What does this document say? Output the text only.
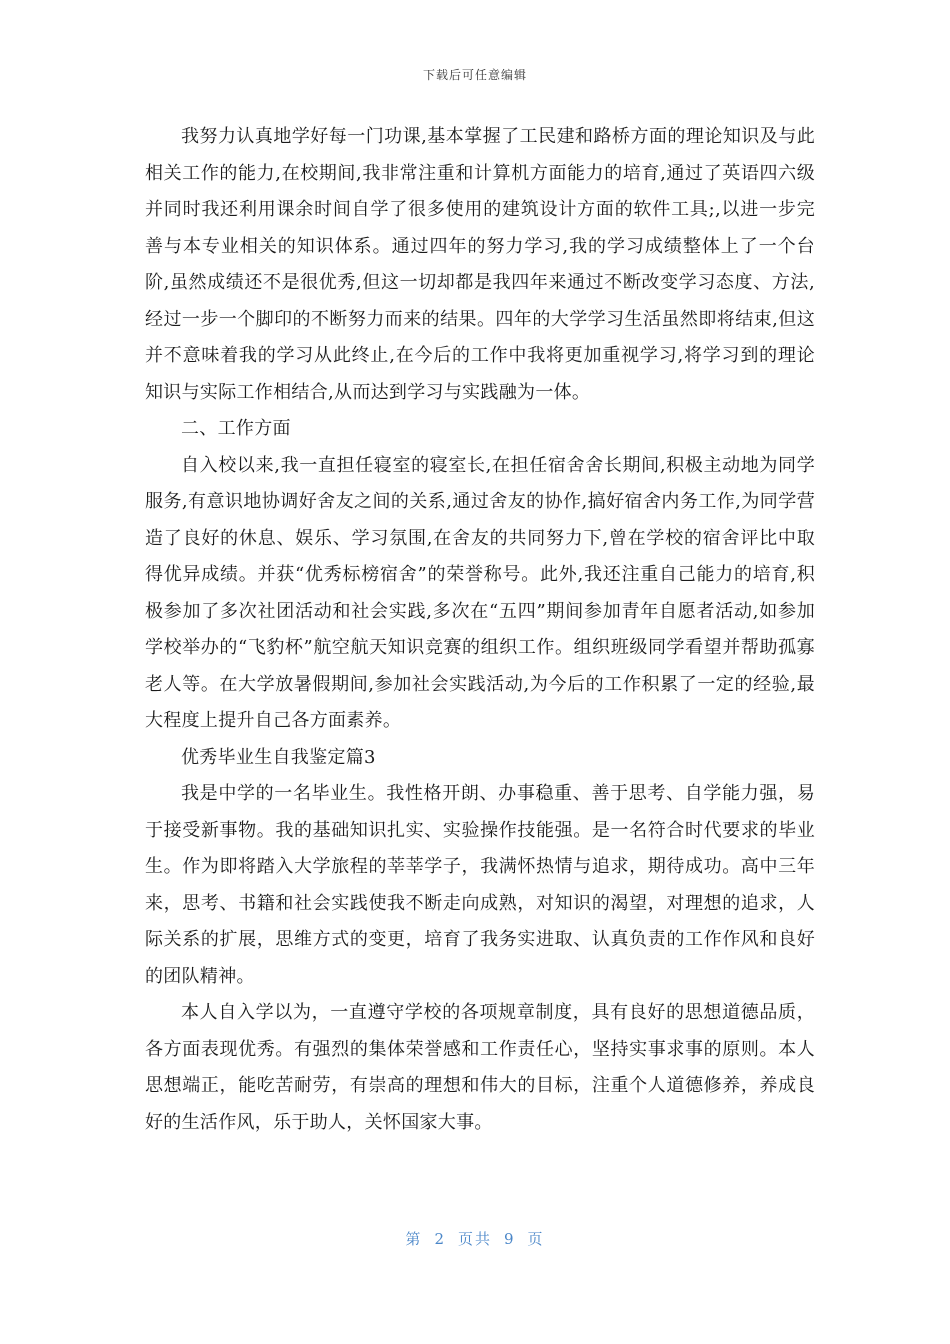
下载后可任意编辑

我努力认真地学好每一门功课,基本掌握了工民建和路桥方面的理论知识及与此相关工作的能力,在校期间,我非常注重和计算机方面能力的培育,通过了英语四六级并同时我还利用课余时间自学了很多使用的建筑设计方面的软件工具;,以进一步完善与本专业相关的知识体系。通过四年的努力学习,我的学习成绩整体上了一个台阶,虽然成绩还不是很优秀,但这一切却都是我四年来通过不断改变学习态度、方法,经过一步一个脚印的不断努力而来的结果。四年的大学学习生活虽然即将结束,但这并不意味着我的学习从此终止,在今后的工作中我将更加重视学习,将学习到的理论知识与实际工作相结合,从而达到学习与实践融为一体。

二、工作方面

自入校以来,我一直担任寝室的寝室长,在担任宿舍舍长期间,积极主动地为同学服务,有意识地协调好舍友之间的关系,通过舍友的协作,搞好宿舍内务工作,为同学营造了良好的休息、娱乐、学习氛围,在舍友的共同努力下,曾在学校的宿舍评比中取得优异成绩。并获“优秀标榜宿舍”的荣誉称号。此外,我还注重自己能力的培育,积极参加了多次社团活动和社会实践,多次在“五四”期间参加青年自愿者活动,如参加学校举办的“飞豹杯”航空航天知识竞赛的组织工作。组织班级同学看望并帮助孤寡老人等。在大学放暑假期间,参加社会实践活动,为今后的工作积累了一定的经验,最大程度上提升自己各方面素养。

优秀毕业生自我鉴定篇3

我是中学的一名毕业生。我性格开朗、办事稳重、善于思考、自学能力强，易于接受新事物。我的基础知识扎实、实验操作技能强。是一名符合时代要求的毕业生。作为即将踏入大学旅程的莘莘学子，我满怀热情与追求，期待成功。高中三年来，思考、书籍和社会实践使我不断走向成熟，对知识的渴望，对理想的追求，人际关系的扩展，思维方式的变更，培育了我务实进取、认真负责的工作作风和良好的团队精神。

本人自入学以为，一直遵守学校的各项规章制度，具有良好的思想道德品质，各方面表现优秀。有强烈的集体荣誉感和工作责任心，坚持实事求事的原则。本人思想端正，能吃苦耐劳，有崇高的理想和伟大的目标，注重个人道德修养，养成良好的生活作风，乐于助人，关怀国家大事。

第 2 页共 9 页
